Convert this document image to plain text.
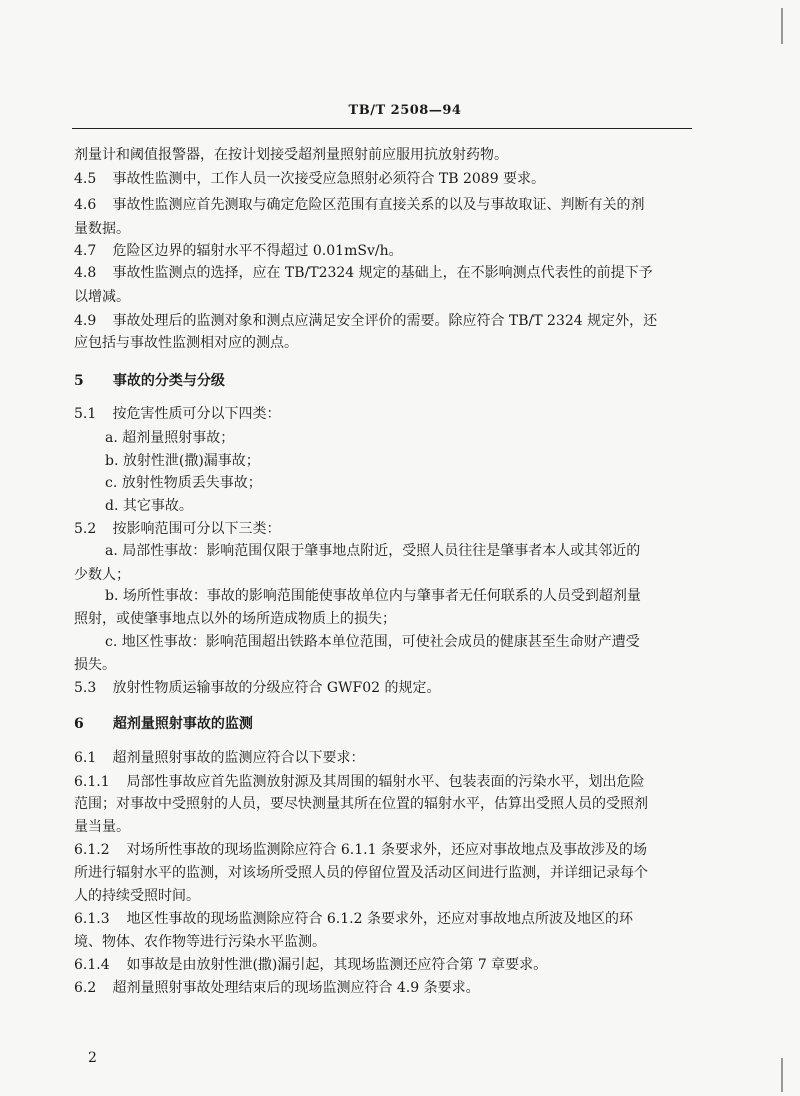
TB/T 2508—94
剂量计和阈值报警器，在按计划接受超剂量照射前应服用抗放射药物。
4.5 事故性监测中，工作人员一次接受应急照射必须符合 TB 2089 要求。
4.6 事故性监测应首先测取与确定危险区范围有直接关系的以及与事故取证、判断有关的剂
量数据。
4.7 危险区边界的辐射水平不得超过 0.01mSv/h。
4.8 事故性监测点的选择，应在 TB/T2324 规定的基础上，在不影响测点代表性的前提下予
以增减。
4.9 事故处理后的监测对象和测点应满足安全评价的需要。除应符合 TB/T 2324 规定外，还
应包括与事故性监测相对应的测点。
5 事故的分类与分级
5.1 按危害性质可分以下四类：
a. 超剂量照射事故；
b. 放射性泄(撒)漏事故；
c. 放射性物质丢失事故；
d. 其它事故。
5.2 按影响范围可分以下三类：
a. 局部性事故：影响范围仅限于肇事地点附近，受照人员往往是肇事者本人或其邻近的
少数人；
b. 场所性事故：事故的影响范围能使事故单位内与肇事者无任何联系的人员受到超剂量
照射，或使肇事地点以外的场所造成物质上的损失；
c. 地区性事故：影响范围超出铁路本单位范围，可使社会成员的健康甚至生命财产遭受
损失。
5.3 放射性物质运输事故的分级应符合 GWF02 的规定。
6 超剂量照射事故的监测
6.1 超剂量照射事故的监测应符合以下要求：
6.1.1 局部性事故应首先监测放射源及其周围的辐射水平、包装表面的污染水平，划出危险
范围；对事故中受照射的人员，要尽快测量其所在位置的辐射水平，估算出受照人员的受照剂
量当量。
6.1.2 对场所性事故的现场监测除应符合 6.1.1 条要求外，还应对事故地点及事故涉及的场
所进行辐射水平的监测，对该场所受照人员的停留位置及活动区间进行监测，并详细记录每个
人的持续受照时间。
6.1.3 地区性事故的现场监测除应符合 6.1.2 条要求外，还应对事故地点所波及地区的环
境、物体、农作物等进行污染水平监测。
6.1.4 如事故是由放射性泄(撒)漏引起，其现场监测还应符合第 7 章要求。
6.2 超剂量照射事故处理结束后的现场监测应符合 4.9 条要求。
2
